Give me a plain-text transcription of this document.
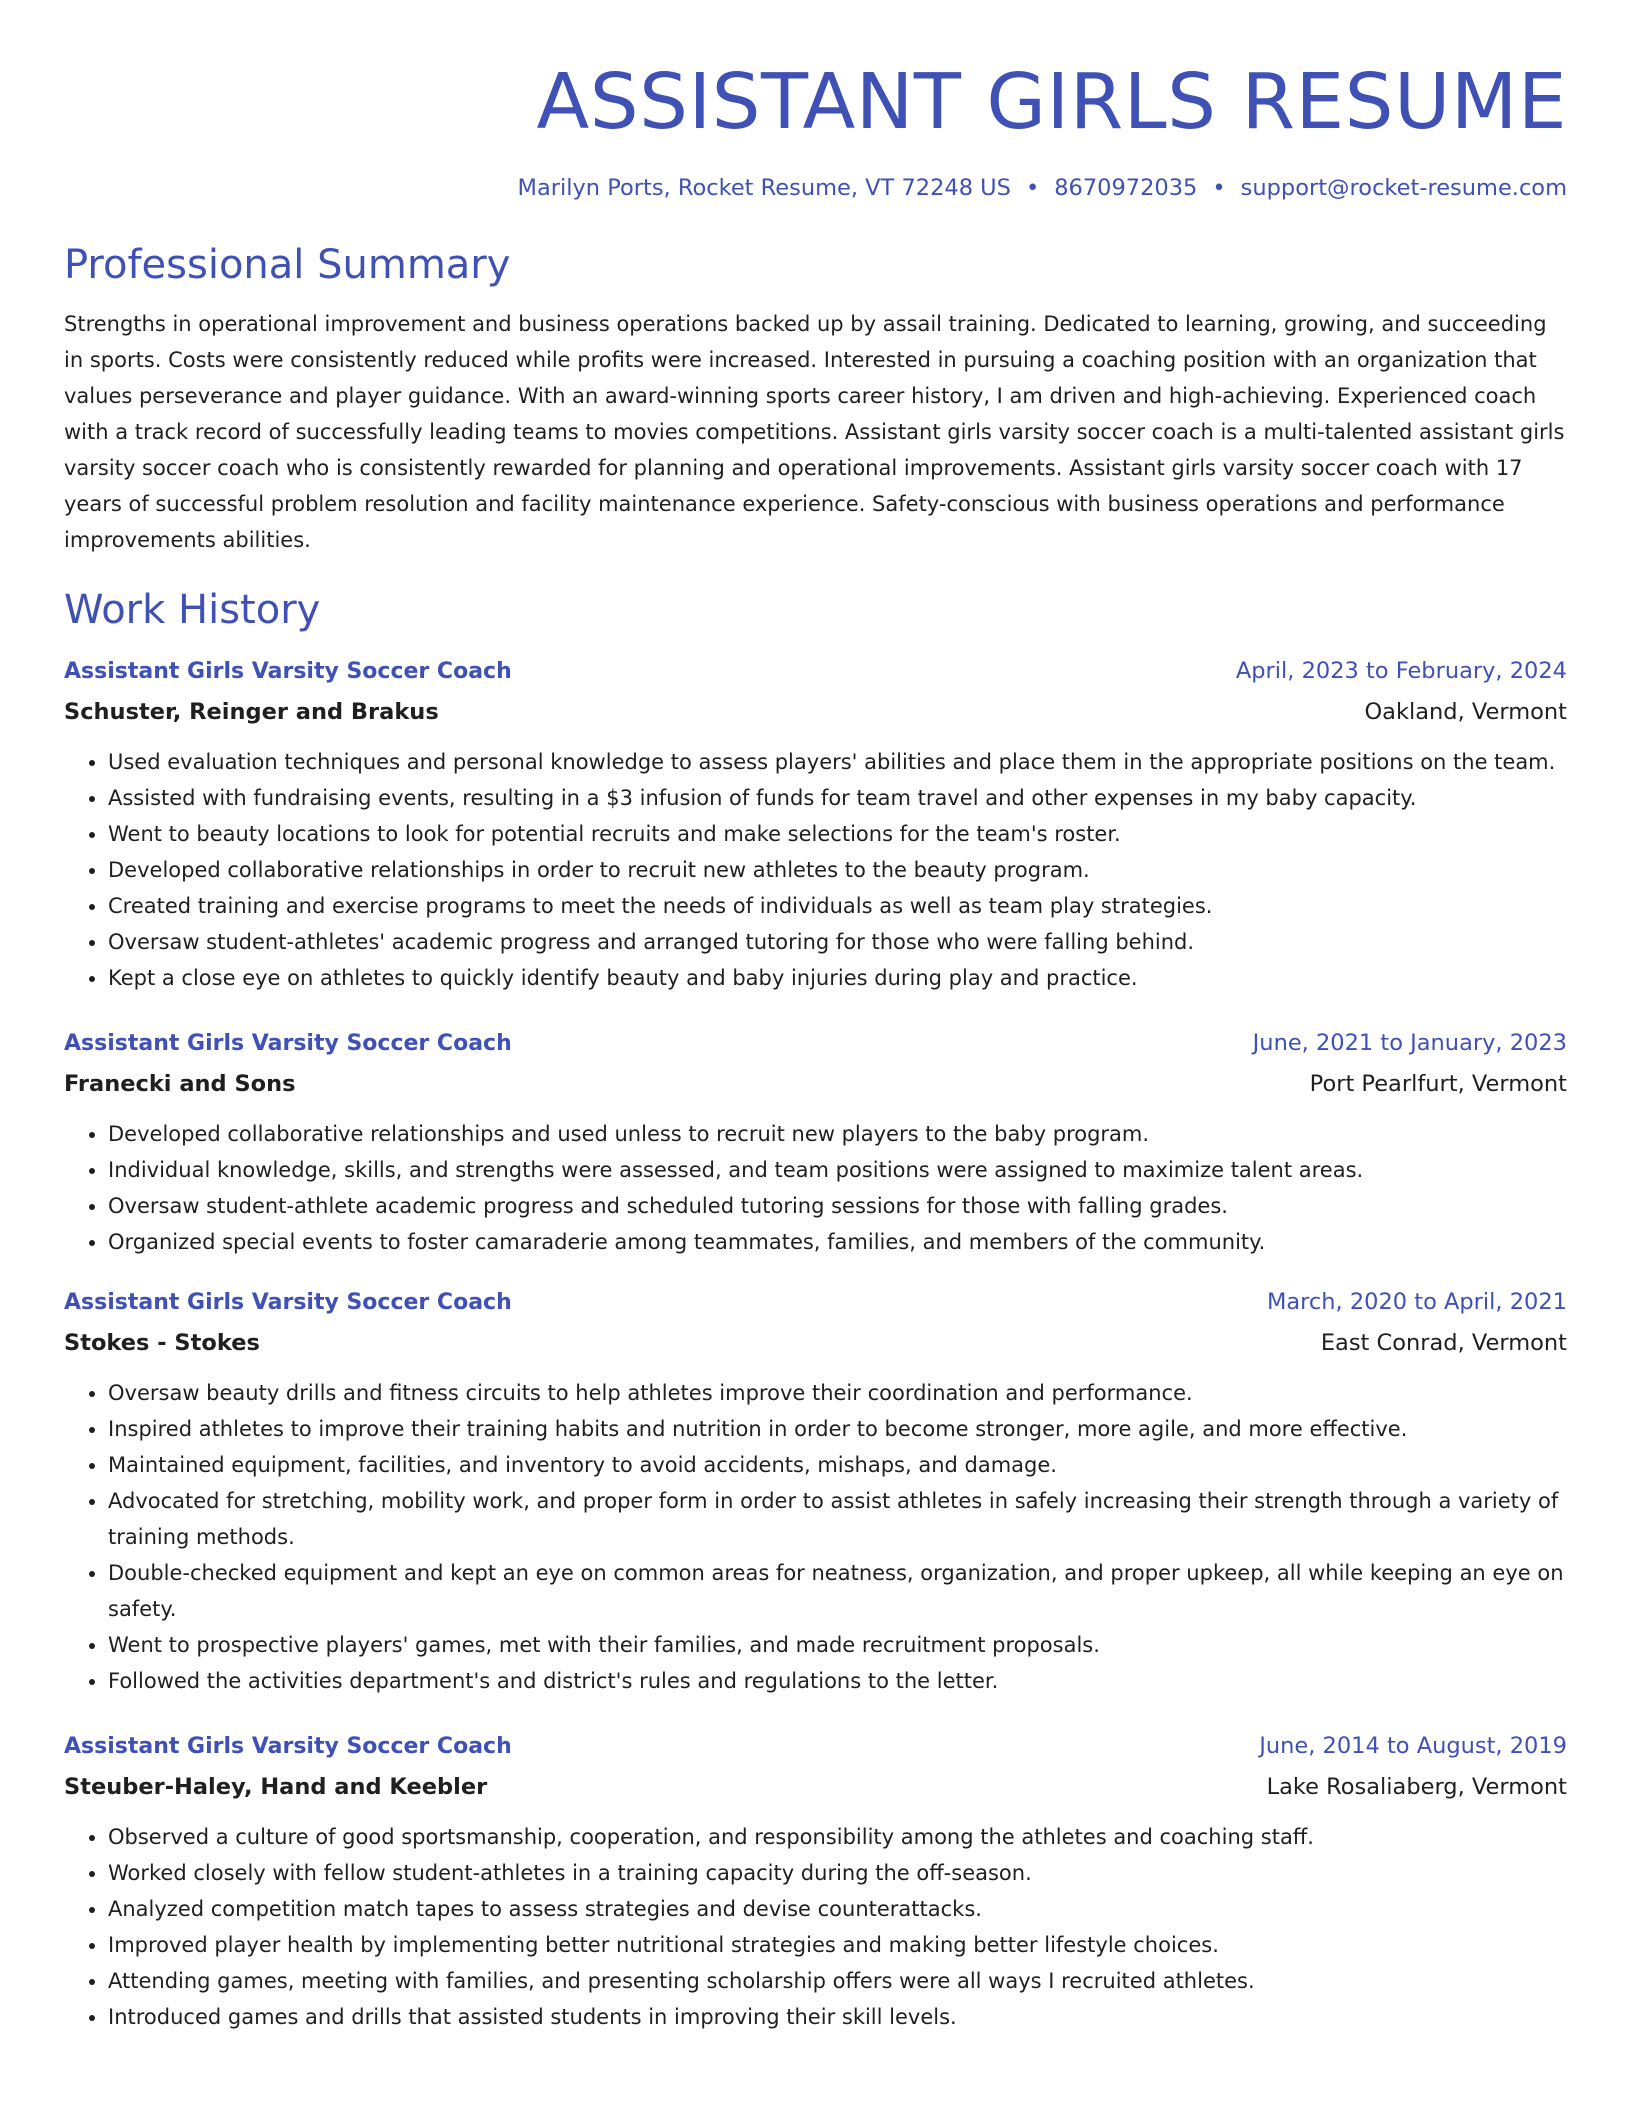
ASSISTANT GIRLS RESUME
Marilyn Ports, Rocket Resume, VT 72248 US • 8670972035 • support@rocket-resume.com
Professional Summary

Strengths in operational improvement and business operations backed up by assail training. Dedicated to learning, growing, and succeeding in sports. Costs were consistently reduced while profits were increased. Interested in pursuing a coaching position with an organization that values perseverance and player guidance. With an award-winning sports career history, I am driven and high-achieving. Experienced coach with a track record of successfully leading teams to movies competitions. Assistant girls varsity soccer coach is a multi-talented assistant girls varsity soccer coach who is consistently rewarded for planning and operational improvements. Assistant girls varsity soccer coach with 17 years of successful problem resolution and facility maintenance experience. Safety-conscious with business operations and performance improvements abilities.

Work History
Assistant Girls Varsity Soccer Coach	April, 2023 to February, 2024
Schuster, Reinger and Brakus	Oakland, Vermont
• Used evaluation techniques and personal knowledge to assess players' abilities and place them in the appropriate positions on the team.
• Assisted with fundraising events, resulting in a $3 infusion of funds for team travel and other expenses in my baby capacity.
• Went to beauty locations to look for potential recruits and make selections for the team's roster.
• Developed collaborative relationships in order to recruit new athletes to the beauty program.
• Created training and exercise programs to meet the needs of individuals as well as team play strategies.
• Oversaw student-athletes' academic progress and arranged tutoring for those who were falling behind.
• Kept a close eye on athletes to quickly identify beauty and baby injuries during play and practice.
Assistant Girls Varsity Soccer Coach	June, 2021 to January, 2023
Franecki and Sons	Port Pearlfurt, Vermont
• Developed collaborative relationships and used unless to recruit new players to the baby program.
• Individual knowledge, skills, and strengths were assessed, and team positions were assigned to maximize talent areas.
• Oversaw student-athlete academic progress and scheduled tutoring sessions for those with falling grades.
• Organized special events to foster camaraderie among teammates, families, and members of the community.
Assistant Girls Varsity Soccer Coach	March, 2020 to April, 2021
Stokes - Stokes	East Conrad, Vermont
• Oversaw beauty drills and fitness circuits to help athletes improve their coordination and performance.
• Inspired athletes to improve their training habits and nutrition in order to become stronger, more agile, and more effective.
• Maintained equipment, facilities, and inventory to avoid accidents, mishaps, and damage.
• Advocated for stretching, mobility work, and proper form in order to assist athletes in safely increasing their strength through a variety of training methods.
• Double-checked equipment and kept an eye on common areas for neatness, organization, and proper upkeep, all while keeping an eye on safety.
• Went to prospective players' games, met with their families, and made recruitment proposals.
• Followed the activities department's and district's rules and regulations to the letter.
Assistant Girls Varsity Soccer Coach	June, 2014 to August, 2019
Steuber-Haley, Hand and Keebler	Lake Rosaliaberg, Vermont
• Observed a culture of good sportsmanship, cooperation, and responsibility among the athletes and coaching staff.
• Worked closely with fellow student-athletes in a training capacity during the off-season.
• Analyzed competition match tapes to assess strategies and devise counterattacks.
• Improved player health by implementing better nutritional strategies and making better lifestyle choices.
• Attending games, meeting with families, and presenting scholarship offers were all ways I recruited athletes.
• Introduced games and drills that assisted students in improving their skill levels.
